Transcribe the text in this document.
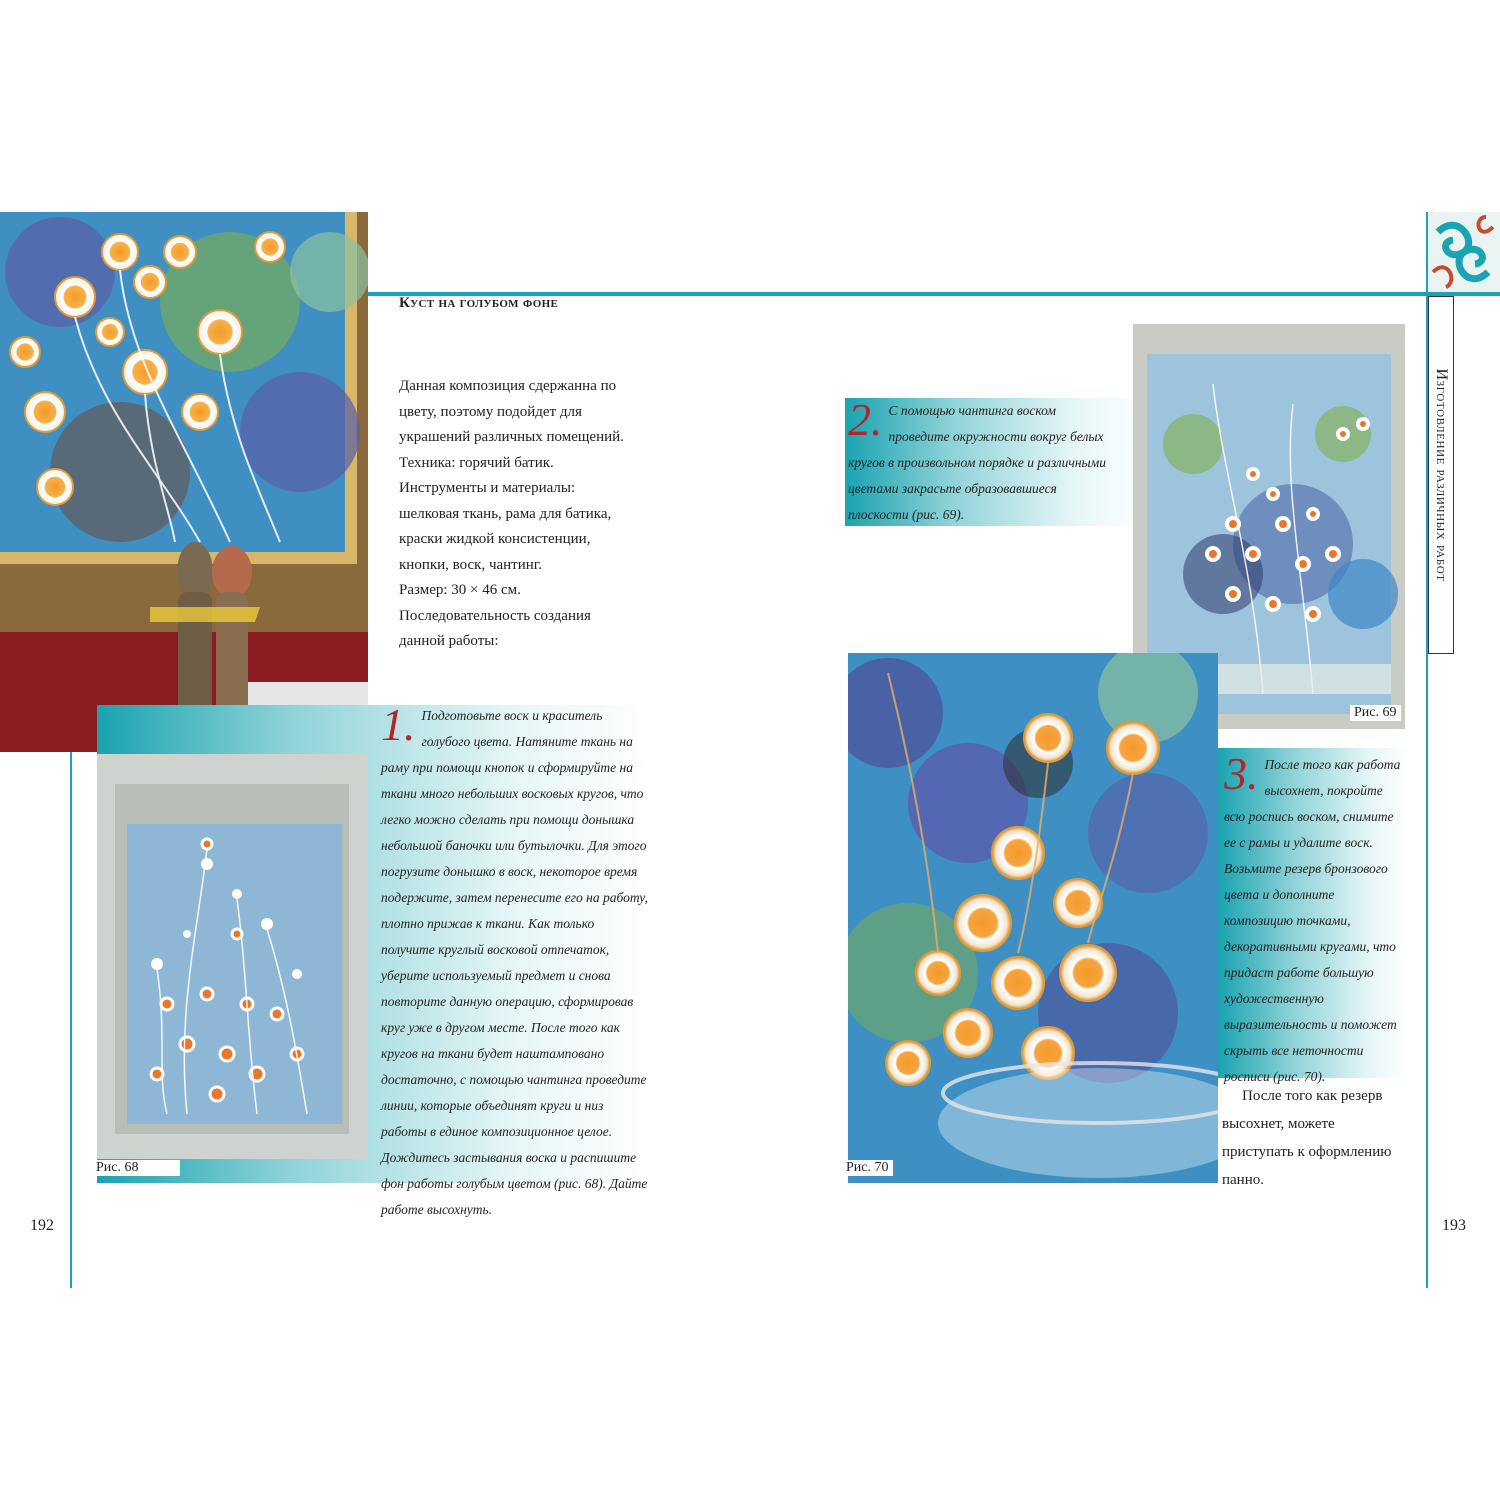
Куст на голубом фоне

Данная композиция сдержанна по цвету, поэтому подойдет для украшений различных помещений.

Техника: горячий батик.

Инструменты и материалы: шелковая ткань, рама для батика, краски жидкой консистенции, кнопки, воск, чантинг.

Размер: 30 × 46 см.

Последовательность создания данной работы:

Рис. 68
1. Подготовьте воск и краситель голубого цвета. Натяните ткань на раму при помощи кнопок и сформируйте на ткани много небольших восковых кругов, что легко можно сделать при помощи донышка небольшой баночки или бутылочки. Для этого погрузите донышко в воск, некоторое время подержите, затем перенесите его на работу, плотно прижав к ткани. Как только получите круглый восковой отпечаток, уберите используемый предмет и снова повторите данную операцию, сформировав круг уже в другом месте. После того как кругов на ткани будет наштамповано достаточно, с помощью чантинга проведите линии, которые объединят круги и низ работы в единое композиционное целое. Дождитесь застывания воска и распишите фон работы голубым цветом (рис. 68). Дайте работе высохнуть.
192
Изготовление различных работ
2. С помощью чантинга воском проведите окружности вокруг белых кругов в произвольном порядке и различными цветами закрасьте образовавшиеся плоскости (рис. 69).
Рис. 69
Рис. 70
3. После того как работа высохнет, покройте всю роспись воском, снимите ее с рамы и удалите воск. Возьмите резерв бронзового цвета и дополните композицию точками, декоративными кругами, что придаст работе большую художественную выразительность и поможет скрыть все неточности росписи (рис. 70).

После того как резерв высохнет, можете приступать к оформлению панно.

193
